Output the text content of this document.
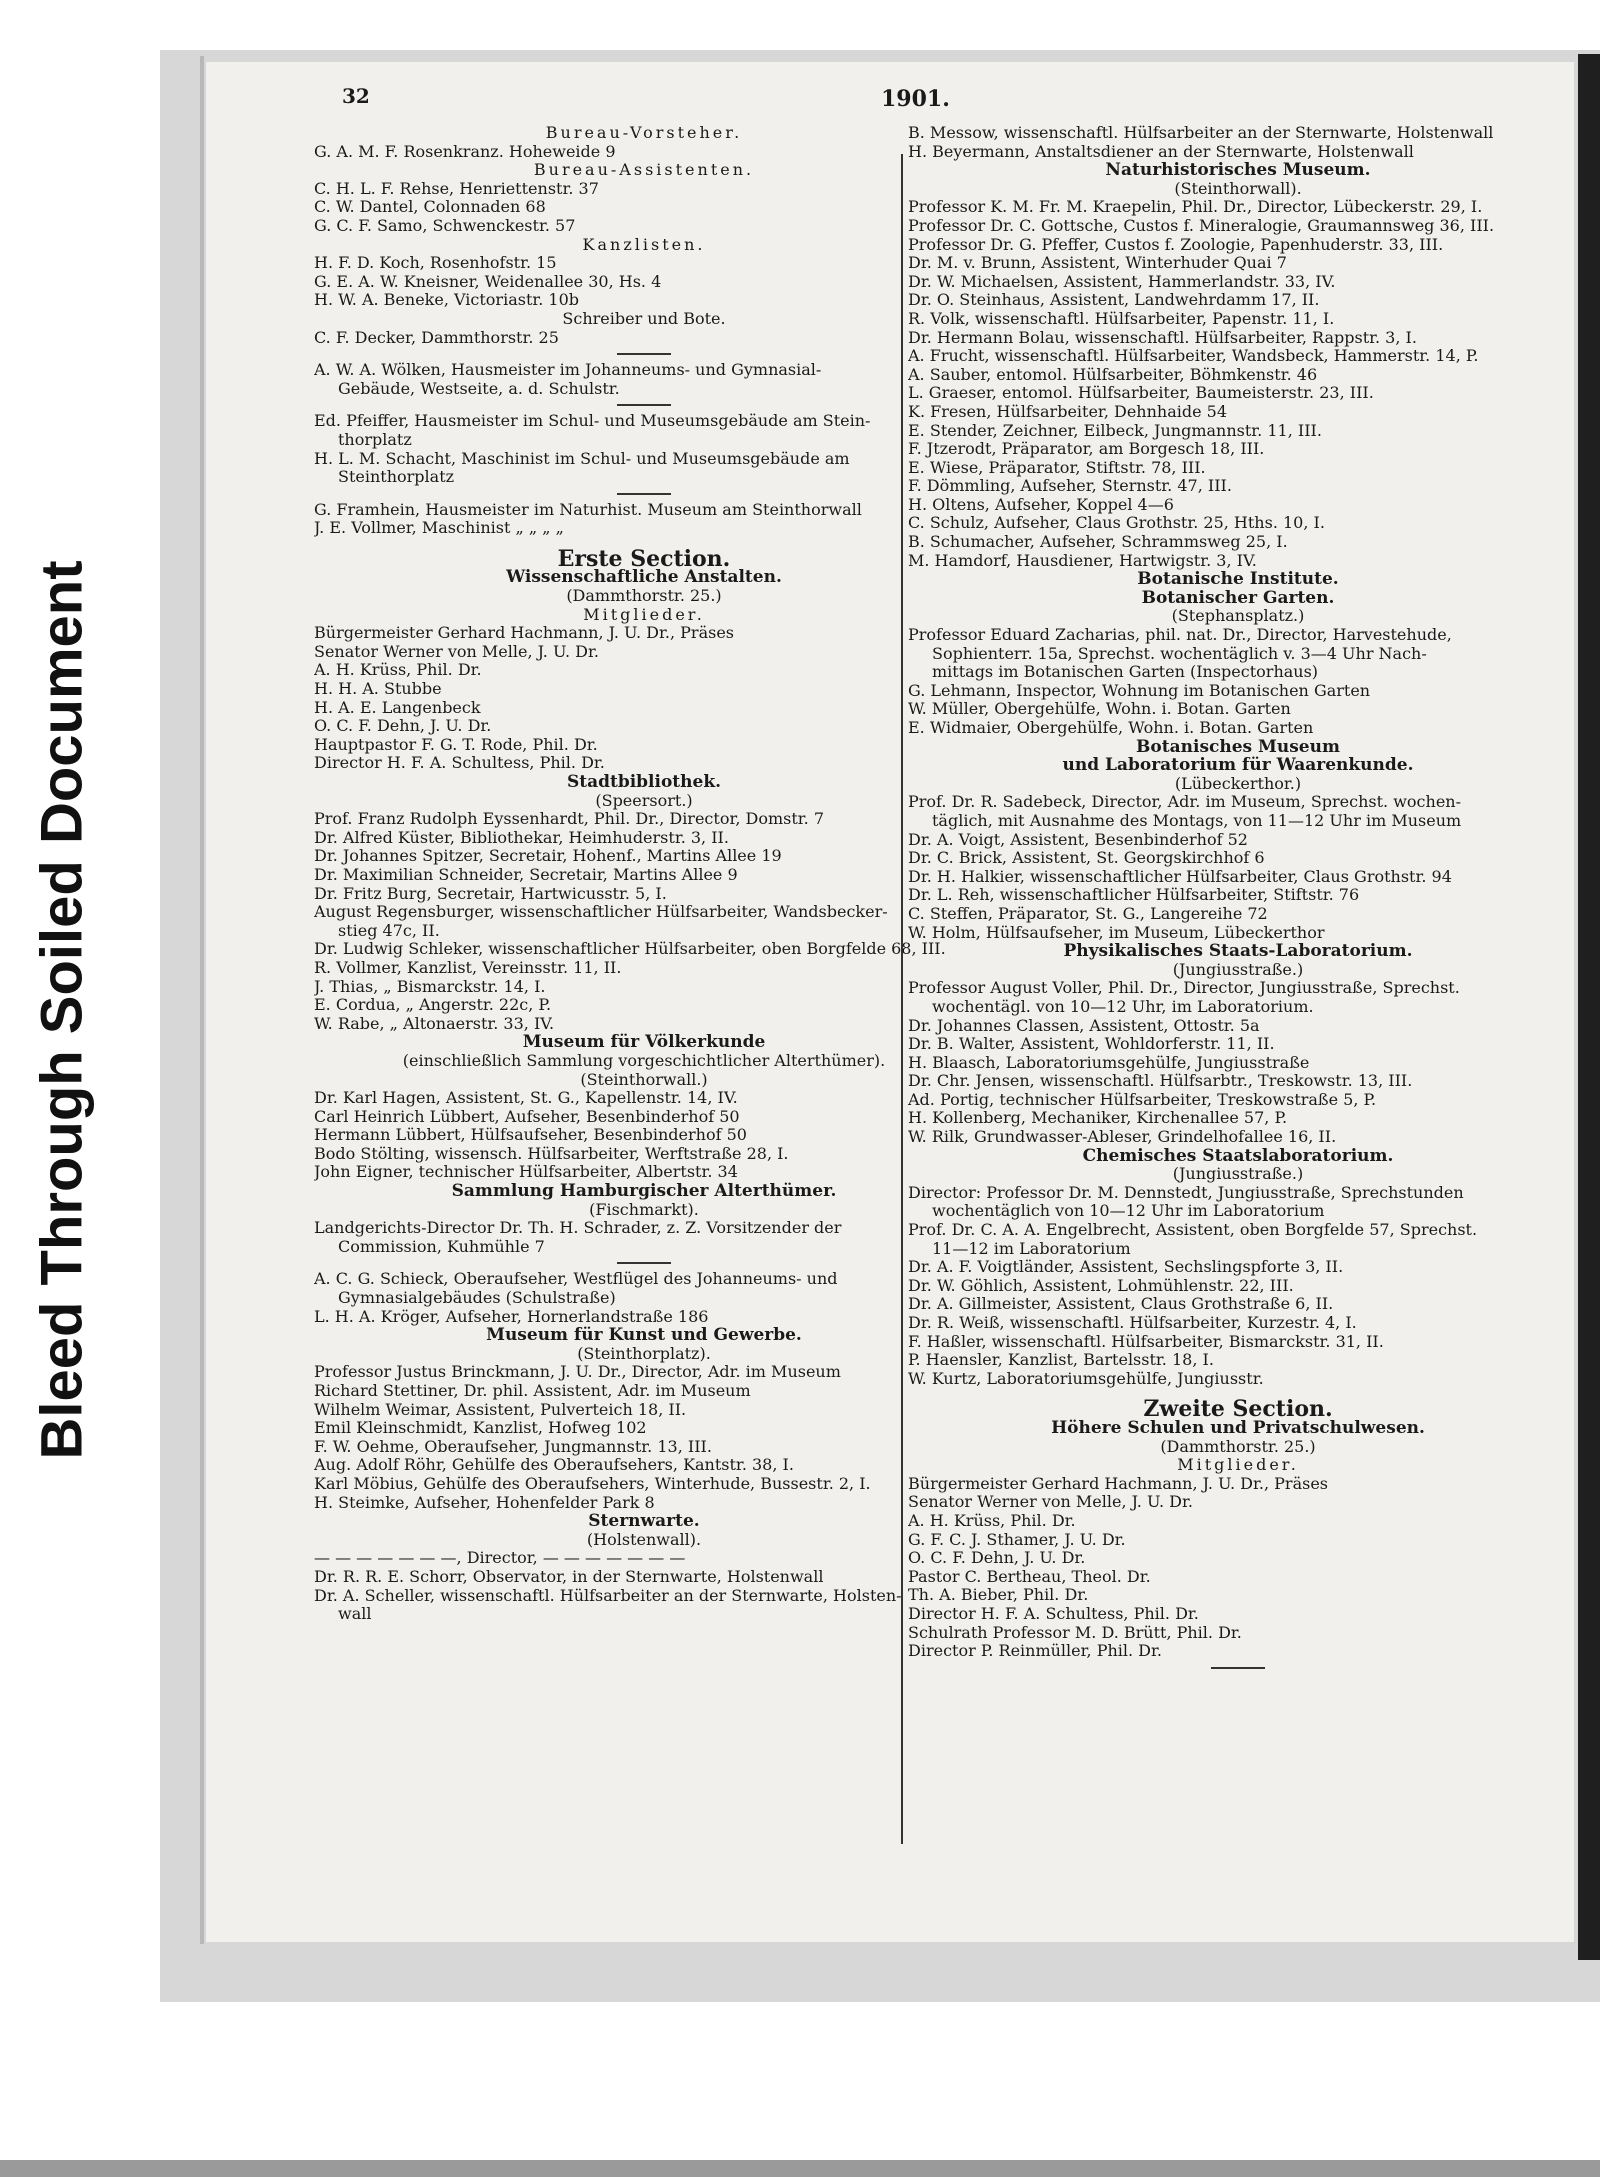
Bleed Through Soiled Document
32	1901.
Bureau-Vorsteher.
G. A. M. F. Rosenkranz. Hoheweide 9
Bureau-Assistenten.
C. H. L. F. Rehse, Henriettenstr. 37
C. W. Dantel, Colonnaden 68
G. C. F. Samo, Schwenckestr. 57
Kanzlisten.
H. F. D. Koch, Rosenhofstr. 15
G. E. A. W. Kneisner, Weidenallee 30, Hs. 4
H. W. A. Beneke, Victoriastr. 10b
Schreiber und Bote.
C. F. Decker, Dammthorstr. 25
A. W. A. Wölken, Hausmeister im Johanneums- und Gymnasial-
Gebäude, Westseite, a. d. Schulstr.
Ed. Pfeiffer, Hausmeister im Schul- und Museumsgebäude am Stein-
thorplatz
H. L. M. Schacht, Maschinist im Schul- und Museumsgebäude am
Steinthorplatz
G. Framhein, Hausmeister im Naturhist. Museum am Steinthorwall
J. E. Vollmer, Maschinist „ „ „ „
Erste Section.
Wissenschaftliche Anstalten.
(Dammthorstr. 25.)
Mitglieder.
Bürgermeister Gerhard Hachmann, J. U. Dr., Präses
Senator Werner von Melle, J. U. Dr.
A. H. Krüss, Phil. Dr.
H. H. A. Stubbe
H. A. E. Langenbeck
O. C. F. Dehn, J. U. Dr.
Hauptpastor F. G. T. Rode, Phil. Dr.
Director H. F. A. Schultess, Phil. Dr.
Stadtbibliothek.
(Speersort.)
Prof. Franz Rudolph Eyssenhardt, Phil. Dr., Director, Domstr. 7
Dr. Alfred Küster, Bibliothekar, Heimhuderstr. 3, II.
Dr. Johannes Spitzer, Secretair, Hohenf., Martins Allee 19
Dr. Maximilian Schneider, Secretair, Martins Allee 9
Dr. Fritz Burg, Secretair, Hartwicusstr. 5, I.
August Regensburger, wissenschaftlicher Hülfsarbeiter, Wandsbecker-
stieg 47c, II.
Dr. Ludwig Schleker, wissenschaftlicher Hülfsarbeiter, oben Borgfelde 68, III.
R. Vollmer, Kanzlist, Vereinsstr. 11, II.
J. Thias, „ Bismarckstr. 14, I.
E. Cordua, „ Angerstr. 22c, P.
W. Rabe, „ Altonaerstr. 33, IV.
Museum für Völkerkunde
(einschließlich Sammlung vorgeschichtlicher Alterthümer).
(Steinthorwall.)
Dr. Karl Hagen, Assistent, St. G., Kapellenstr. 14, IV.
Carl Heinrich Lübbert, Aufseher, Besenbinderhof 50
Hermann Lübbert, Hülfsaufseher, Besenbinderhof 50
Bodo Stölting, wissensch. Hülfsarbeiter, Werftstraße 28, I.
John Eigner, technischer Hülfsarbeiter, Albertstr. 34
Sammlung Hamburgischer Alterthümer.
(Fischmarkt).
Landgerichts-Director Dr. Th. H. Schrader, z. Z. Vorsitzender der
Commission, Kuhmühle 7
A. C. G. Schieck, Oberaufseher, Westflügel des Johanneums- und
Gymnasialgebäudes (Schulstraße)
L. H. A. Kröger, Aufseher, Hornerlandstraße 186
Museum für Kunst und Gewerbe.
(Steinthorplatz).
Professor Justus Brinckmann, J. U. Dr., Director, Adr. im Museum
Richard Stettiner, Dr. phil. Assistent, Adr. im Museum
Wilhelm Weimar, Assistent, Pulverteich 18, II.
Emil Kleinschmidt, Kanzlist, Hofweg 102
F. W. Oehme, Oberaufseher, Jungmannstr. 13, III.
Aug. Adolf Röhr, Gehülfe des Oberaufsehers, Kantstr. 38, I.
Karl Möbius, Gehülfe des Oberaufsehers, Winterhude, Bussestr. 2, I.
H. Steimke, Aufseher, Hohenfelder Park 8
Sternwarte.
(Holstenwall).
— — — — — — —, Director, — — — — — — —
Dr. R. R. E. Schorr, Observator, in der Sternwarte, Holstenwall
Dr. A. Scheller, wissenschaftl. Hülfsarbeiter an der Sternwarte, Holsten-
wall
B. Messow, wissenschaftl. Hülfsarbeiter an der Sternwarte, Holstenwall
H. Beyermann, Anstaltsdiener an der Sternwarte, Holstenwall
Naturhistorisches Museum.
(Steinthorwall).
Professor K. M. Fr. M. Kraepelin, Phil. Dr., Director, Lübeckerstr. 29, I.
Professor Dr. C. Gottsche, Custos f. Mineralogie, Graumannsweg 36, III.
Professor Dr. G. Pfeffer, Custos f. Zoologie, Papenhuderstr. 33, III.
Dr. M. v. Brunn, Assistent, Winterhuder Quai 7
Dr. W. Michaelsen, Assistent, Hammerlandstr. 33, IV.
Dr. O. Steinhaus, Assistent, Landwehrdamm 17, II.
R. Volk, wissenschaftl. Hülfsarbeiter, Papenstr. 11, I.
Dr. Hermann Bolau, wissenschaftl. Hülfsarbeiter, Rappstr. 3, I.
A. Frucht, wissenschaftl. Hülfsarbeiter, Wandsbeck, Hammerstr. 14, P.
A. Sauber, entomol. Hülfsarbeiter, Böhmkenstr. 46
L. Graeser, entomol. Hülfsarbeiter, Baumeisterstr. 23, III.
K. Fresen, Hülfsarbeiter, Dehnhaide 54
E. Stender, Zeichner, Eilbeck, Jungmannstr. 11, III.
F. Jtzerodt, Präparator, am Borgesch 18, III.
E. Wiese, Präparator, Stiftstr. 78, III.
F. Dömmling, Aufseher, Sternstr. 47, III.
H. Oltens, Aufseher, Koppel 4—6
C. Schulz, Aufseher, Claus Grothstr. 25, Hths. 10, I.
B. Schumacher, Aufseher, Schrammsweg 25, I.
M. Hamdorf, Hausdiener, Hartwigstr. 3, IV.
Botanische Institute.
Botanischer Garten.
(Stephansplatz.)
Professor Eduard Zacharias, phil. nat. Dr., Director, Harvestehude,
Sophienterr. 15a, Sprechst. wochentäglich v. 3—4 Uhr Nach-
mittags im Botanischen Garten (Inspectorhaus)
G. Lehmann, Inspector, Wohnung im Botanischen Garten
W. Müller, Obergehülfe, Wohn. i. Botan. Garten
E. Widmaier, Obergehülfe, Wohn. i. Botan. Garten
Botanisches Museum
und Laboratorium für Waarenkunde.
(Lübeckerthor.)
Prof. Dr. R. Sadebeck, Director, Adr. im Museum, Sprechst. wochen-
täglich, mit Ausnahme des Montags, von 11—12 Uhr im Museum
Dr. A. Voigt, Assistent, Besenbinderhof 52
Dr. C. Brick, Assistent, St. Georgskirchhof 6
Dr. H. Halkier, wissenschaftlicher Hülfsarbeiter, Claus Grothstr. 94
Dr. L. Reh, wissenschaftlicher Hülfsarbeiter, Stiftstr. 76
C. Steffen, Präparator, St. G., Langereihe 72
W. Holm, Hülfsaufseher, im Museum, Lübeckerthor
Physikalisches Staats-Laboratorium.
(Jungiusstraße.)
Professor August Voller, Phil. Dr., Director, Jungiusstraße, Sprechst.
wochentägl. von 10—12 Uhr, im Laboratorium.
Dr. Johannes Classen, Assistent, Ottostr. 5a
Dr. B. Walter, Assistent, Wohldorferstr. 11, II.
H. Blaasch, Laboratoriumsgehülfe, Jungiusstraße
Dr. Chr. Jensen, wissenschaftl. Hülfsarbtr., Treskowstr. 13, III.
Ad. Portig, technischer Hülfsarbeiter, Treskowstraße 5, P.
H. Kollenberg, Mechaniker, Kirchenallee 57, P.
W. Rilk, Grundwasser-Ableser, Grindelhofallee 16, II.
Chemisches Staatslaboratorium.
(Jungiusstraße.)
Director: Professor Dr. M. Dennstedt, Jungiusstraße, Sprechstunden
wochentäglich von 10—12 Uhr im Laboratorium
Prof. Dr. C. A. A. Engelbrecht, Assistent, oben Borgfelde 57, Sprechst.
11—12 im Laboratorium
Dr. A. F. Voigtländer, Assistent, Sechslingspforte 3, II.
Dr. W. Göhlich, Assistent, Lohmühlenstr. 22, III.
Dr. A. Gillmeister, Assistent, Claus Grothstraße 6, II.
Dr. R. Weiß, wissenschaftl. Hülfsarbeiter, Kurzestr. 4, I.
F. Haßler, wissenschaftl. Hülfsarbeiter, Bismarckstr. 31, II.
P. Haensler, Kanzlist, Bartelsstr. 18, I.
W. Kurtz, Laboratoriumsgehülfe, Jungiusstr.
Zweite Section.
Höhere Schulen und Privatschulwesen.
(Dammthorstr. 25.)
Mitglieder.
Bürgermeister Gerhard Hachmann, J. U. Dr., Präses
Senator Werner von Melle, J. U. Dr.
A. H. Krüss, Phil. Dr.
G. F. C. J. Sthamer, J. U. Dr.
O. C. F. Dehn, J. U. Dr.
Pastor C. Bertheau, Theol. Dr.
Th. A. Bieber, Phil. Dr.
Director H. F. A. Schultess, Phil. Dr.
Schulrath Professor M. D. Brütt, Phil. Dr.
Director P. Reinmüller, Phil. Dr.
